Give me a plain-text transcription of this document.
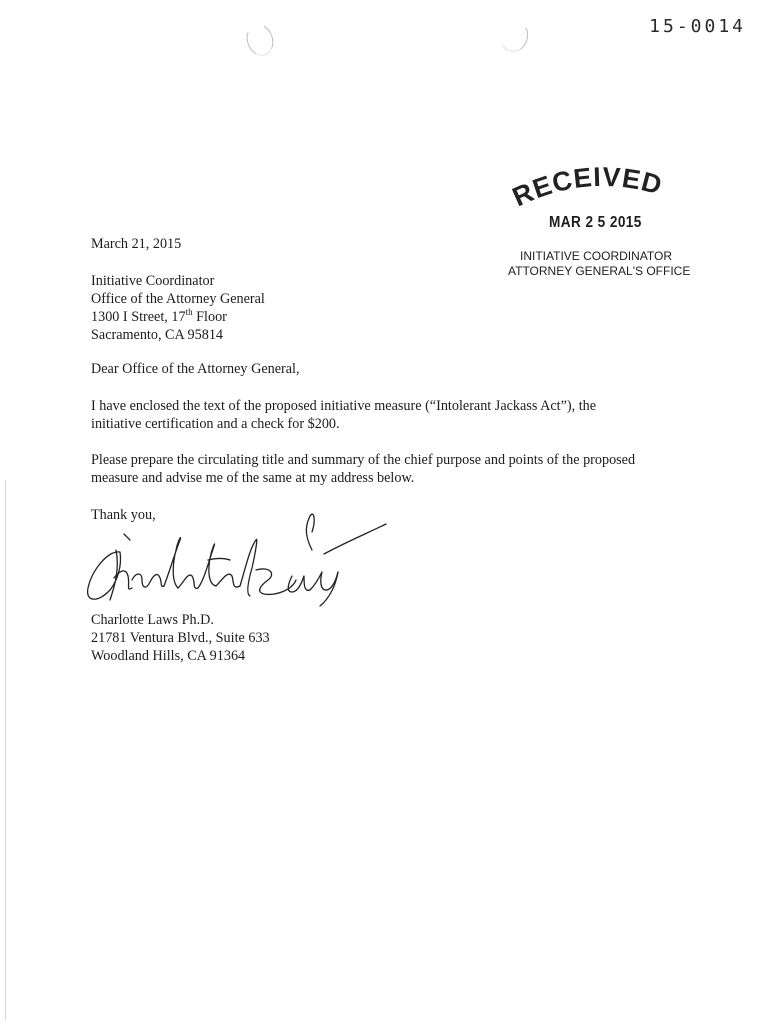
15-0014
RECEIVED
MAR 2 5 2015
INITIATIVE COORDINATOR
ATTORNEY GENERAL'S OFFICE
March 21, 2015
Initiative Coordinator
Office of the Attorney General
1300 I Street, 17th Floor
Sacramento, CA 95814
Dear Office of the Attorney General,
I have enclosed the text of the proposed initiative measure (“Intolerant Jackass Act”), the
initiative certification and a check for $200.
Please prepare the circulating title and summary of the chief purpose and points of the proposed
measure and advise me of the same at my address below.
Thank you,
Charlotte Laws Ph.D.
21781 Ventura Blvd., Suite 633
Woodland Hills, CA 91364
